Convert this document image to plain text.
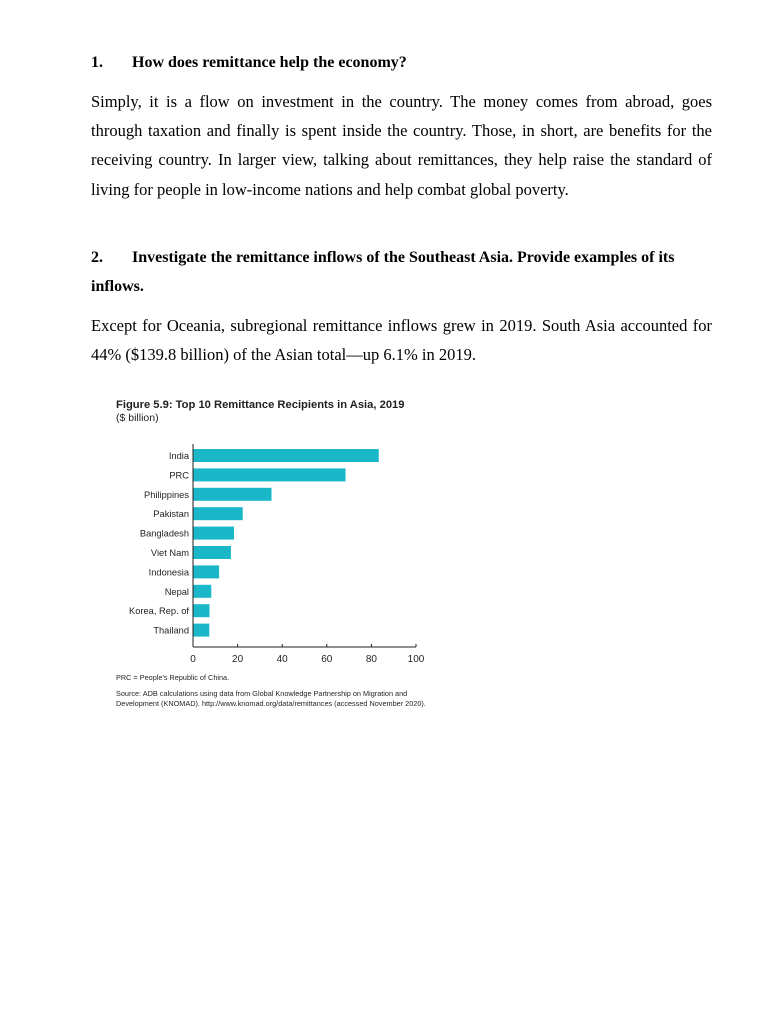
1. How does remittance help the economy?

Simply, it is a flow on investment in the country. The money comes from abroad, goes through taxation and finally is spent inside the country. Those, in short, are benefits for the receiving country. In larger view, talking about remittances, they help raise the standard of living for people in low-income nations and help combat global poverty.

2. Investigate the remittance inflows of the Southeast Asia. Provide examples of its inflows.

Except for Oceania, subregional remittance inflows grew in 2019. South Asia accounted for 44% ($139.8 billion) of the Asian total—up 6.1% in 2019.

India
PRC
Philippines
Pakistan
Bangladesh
Viet Nam
Indonesia
Nepal
Korea, Rep. of
Thailand
0	20	40	60	80	100
Figure 5.9: Top 10 Remittance Recipients in Asia, 2019
($ billion)
PRC = People's Republic of China.
Source: ADB calculations using data from Global Knowledge Partnership on Migration and Development (KNOMAD). http://www.knomad.org/data/remittances (accessed November 2020).
